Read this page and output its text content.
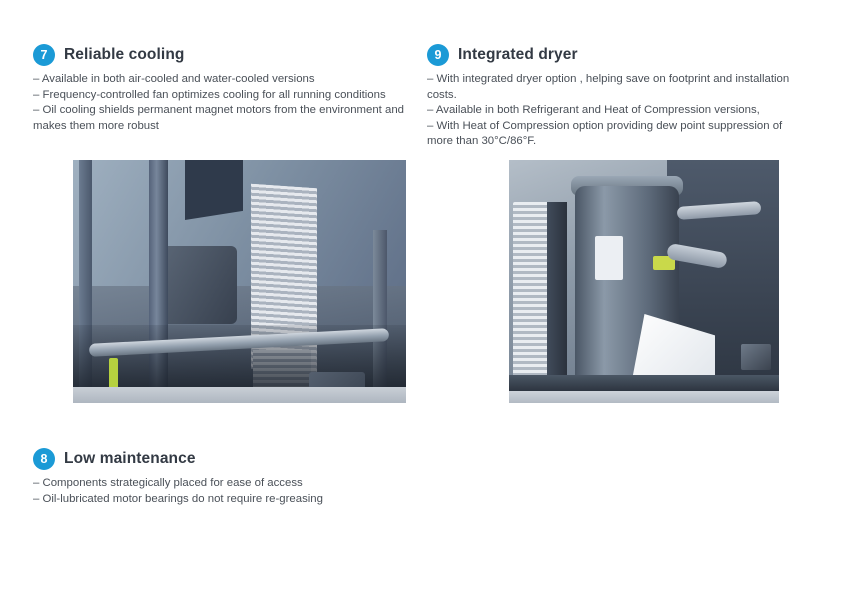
7	Reliable cooling
– Available in both air-cooled and water-cooled versions
– Frequency-controlled fan optimizes cooling for all running conditions
– Oil cooling shields permanent magnet motors from the environment and makes them more robust
9	Integrated dryer
– With integrated dryer option , helping save on footprint and installation costs.
– Available in both Refrigerant and Heat of Compression versions,
– With Heat of Compression option providing dew point suppression of more than 30°C/86°F.
8	Low maintenance
– Components strategically placed for ease of access
– Oil-lubricated motor bearings do not require re-greasing
